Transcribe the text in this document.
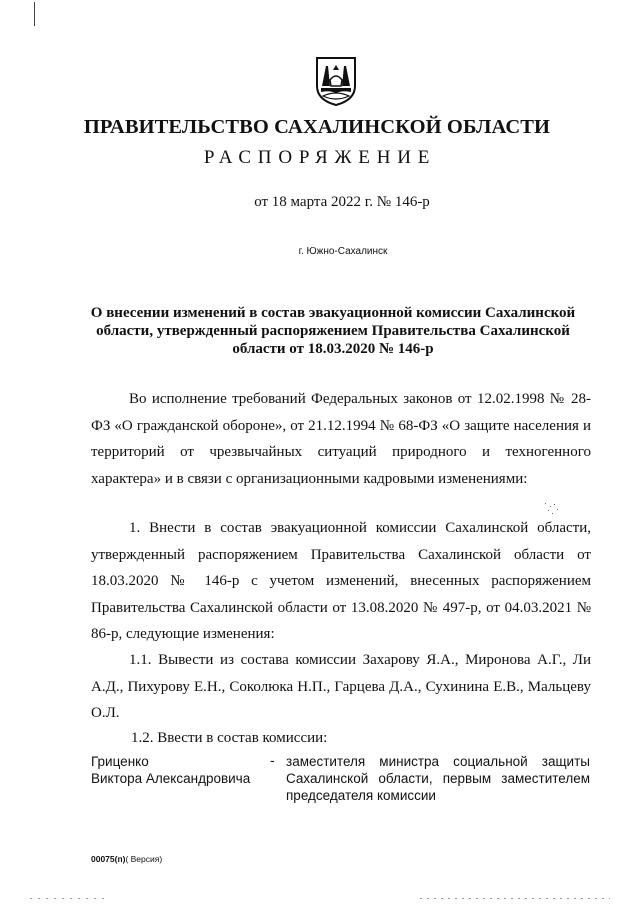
ПРАВИТЕЛЬСТВО САХАЛИНСКОЙ ОБЛАСТИ
РАСПОРЯЖЕНИЕ
от 18 марта 2022 г. № 146-р
г. Южно-Сахалинск
О внесении изменений в состав эвакуационной комиссии Сахалинской области, утвержденный распоряжением Правительства Сахалинской области от 18.03.2020 № 146-р
Во исполнение требований Федеральных законов от 12.02.1998 № 28-ФЗ «О гражданской обороне», от 21.12.1994 № 68-ФЗ «О защите населения и территорий от чрезвычайных ситуаций природного и техногенного характера» и в связи с организационными кадровыми изменениями:
1. Внести в состав эвакуационной комиссии Сахалинской области, утвержденный распоряжением Правительства Сахалинской области от 18.03.2020 № 146-р с учетом изменений, внесенных распоряжением Правительства Сахалинской области от 13.08.2020 № 497-р, от 04.03.2021 № 86-р, следующие изменения:
1.1. Вывести из состава комиссии Захарову Я.А., Миронова А.Г., Ли А.Д., Пихурову Е.Н., Соколюка Н.П., Гарцева Д.А., Сухинина Е.В., Мальцеву О.Л.
1.2. Ввести в состав комиссии:
Гриценко
Виктора Александровича
- заместителя министра социальной защиты Сахалинской области, первым заместителем председателя комиссии
00075(п)( Версия)
